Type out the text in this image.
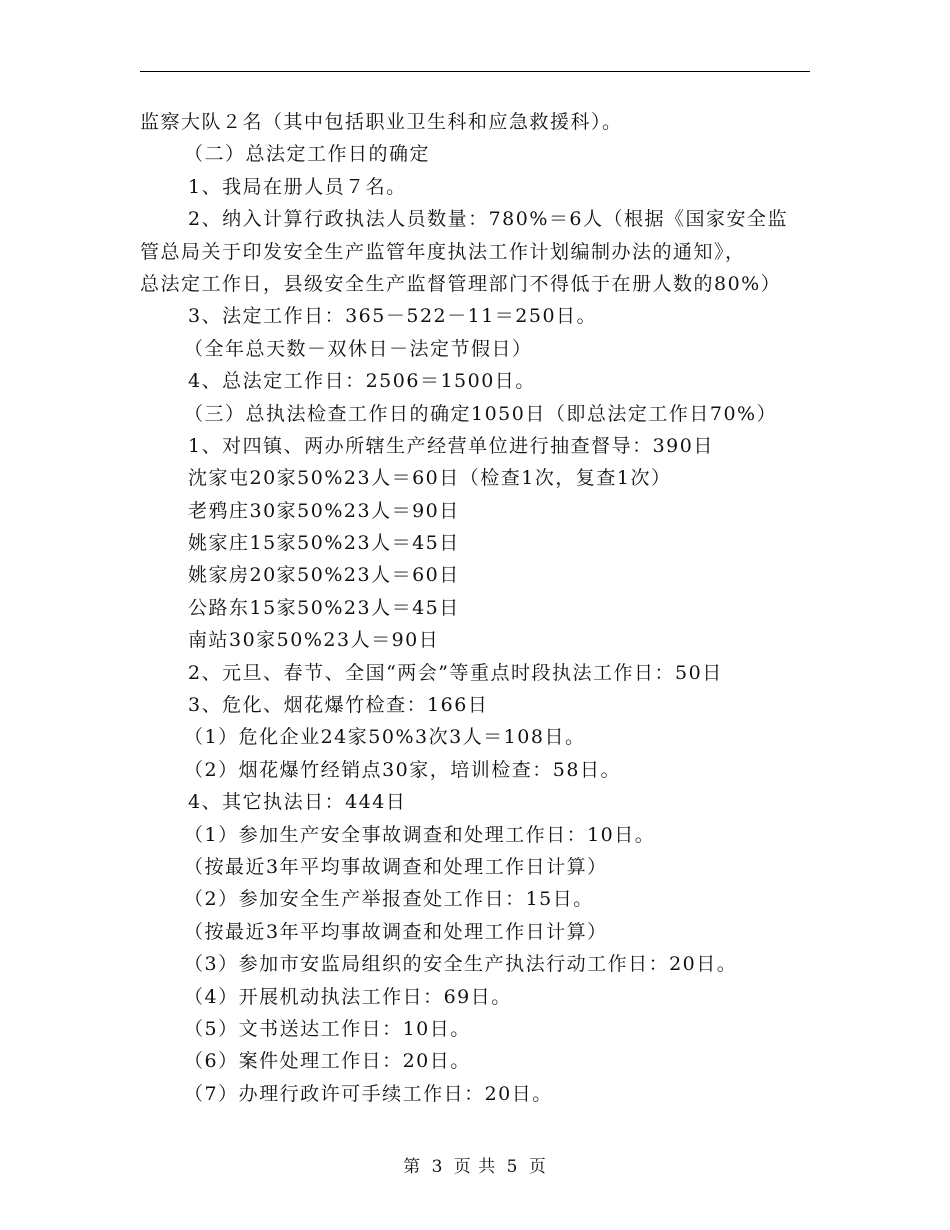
监察大队２名（其中包括职业卫生科和应急救援科）。
（二）总法定工作日的确定
1、我局在册人员７名。
2、纳入计算行政执法人员数量：780%＝6人（根据《国家安全监
管总局关于印发安全生产监管年度执法工作计划编制办法的通知》，
总法定工作日，县级安全生产监督管理部门不得低于在册人数的80%）
3、法定工作日：365－522－11＝250日。
（全年总天数－双休日－法定节假日）
4、总法定工作日：2506＝1500日。
（三）总执法检查工作日的确定1050日（即总法定工作日70%）
1、对四镇、两办所辖生产经营单位进行抽查督导：390日
沈家屯20家50%23人＝60日（检查1次，复查1次）
老鸦庄30家50%23人＝90日
姚家庄15家50%23人＝45日
姚家房20家50%23人＝60日
公路东15家50%23人＝45日
南站30家50%23人＝90日
2、元旦、春节、全国“两会”等重点时段执法工作日：50日
3、危化、烟花爆竹检查：166日
（1）危化企业24家50%3次3人＝108日。
（2）烟花爆竹经销点30家，培训检查：58日。
4、其它执法日：444日
（1）参加生产安全事故调查和处理工作日：10日。
（按最近3年平均事故调查和处理工作日计算）
（2）参加安全生产举报查处工作日：15日。
（按最近3年平均事故调查和处理工作日计算）
（3）参加市安监局组织的安全生产执法行动工作日：20日。
（4）开展机动执法工作日：69日。
（5）文书送达工作日：10日。
（6）案件处理工作日：20日。
（7）办理行政许可手续工作日：20日。
第 3 页 共 5 页
